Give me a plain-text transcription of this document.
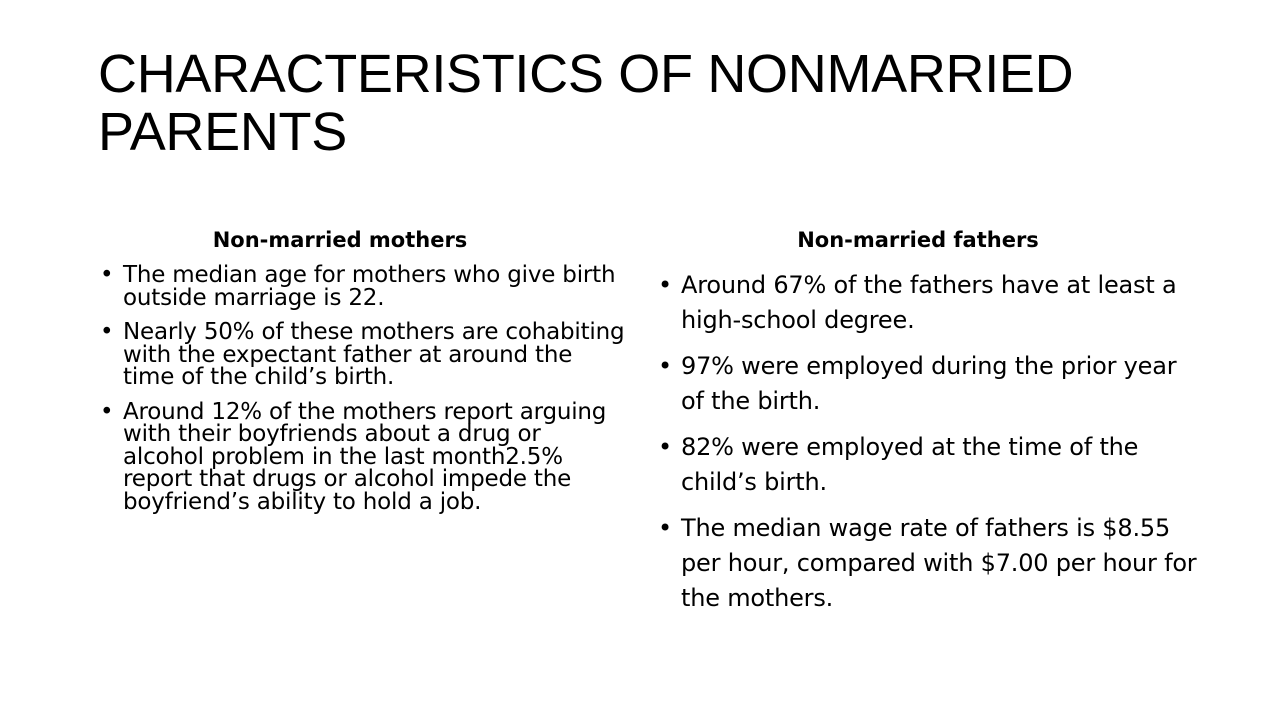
CHARACTERISTICS OF NONMARRIED PARENTS
Non-married mothers
• The median age for mothers who give birth outside marriage is 22.
• Nearly 50% of these mothers are cohabiting with the expectant father at around the time of the child’s birth.
• Around 12% of the mothers report arguing with their boyfriends about a drug or alcohol problem in the last month2.5% report that drugs or alcohol impede the boyfriend’s ability to hold a job.
Non-married fathers
• Around 67% of the fathers have at least a high-school degree.
• 97% were employed during the prior year of the birth.
• 82% were employed at the time of the child’s birth.
• The median wage rate of fathers is $8.55 per hour, compared with $7.00 per hour for the mothers.
